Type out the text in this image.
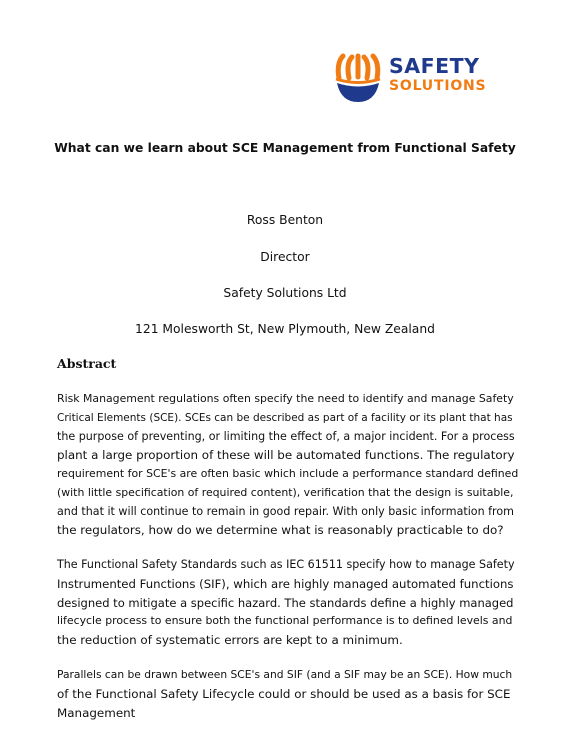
SAFETY
SOLUTIONS
What can we learn about SCE Management from Functional Safety
Ross Benton
Director
Safety Solutions Ltd
121 Molesworth St, New Plymouth, New Zealand
Abstract
Risk Management regulations often specify the need to identify and manage Safety
Critical Elements (SCE). SCEs can be described as part of a facility or its plant that has
the purpose of preventing, or limiting the effect of, a major incident. For a process
plant a large proportion of these will be automated functions. The regulatory
requirement for SCE's are often basic which include a performance standard defined
(with little specification of required content), verification that the design is suitable,
and that it will continue to remain in good repair. With only basic information from
the regulators, how do we determine what is reasonably practicable to do?
The Functional Safety Standards such as IEC 61511 specify how to manage Safety
Instrumented Functions (SIF), which are highly managed automated functions
designed to mitigate a specific hazard. The standards define a highly managed
lifecycle process to ensure both the functional performance is to defined levels and
the reduction of systematic errors are kept to a minimum.
Parallels can be drawn between SCE's and SIF (and a SIF may be an SCE). How much
of the Functional Safety Lifecycle could or should be used as a basis for SCE
Management
